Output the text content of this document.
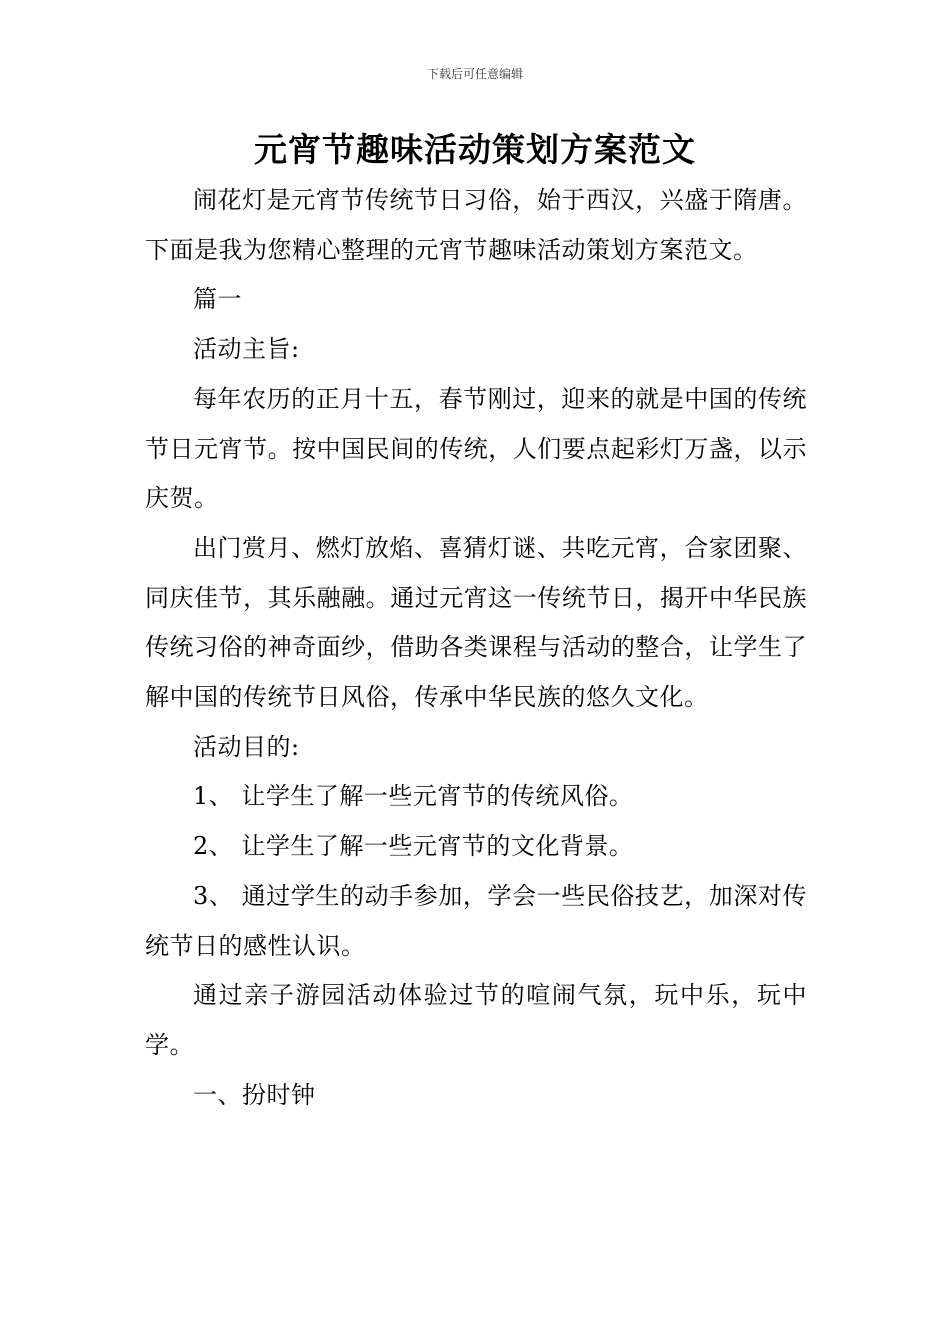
下载后可任意编辑
元宵节趣味活动策划方案范文

闹花灯是元宵节传统节日习俗，始于西汉，兴盛于隋唐。下面是我为您精心整理的元宵节趣味活动策划方案范文。

篇一

活动主旨:

每年农历的正月十五，春节刚过，迎来的就是中国的传统节日元宵节。按中国民间的传统，人们要点起彩灯万盏，以示庆贺。

出门赏月、燃灯放焰、喜猜灯谜、共吃元宵，合家团聚、同庆佳节，其乐融融。通过元宵这一传统节日，揭开中华民族传统习俗的神奇面纱，借助各类课程与活动的整合，让学生了解中国的传统节日风俗，传承中华民族的悠久文化。

活动目的:

1、 让学生了解一些元宵节的传统风俗。

2、 让学生了解一些元宵节的文化背景。

3、 通过学生的动手参加，学会一些民俗技艺，加深对传统节日的感性认识。

通过亲子游园活动体验过节的喧闹气氛，玩中乐，玩中学。

一、扮时钟
